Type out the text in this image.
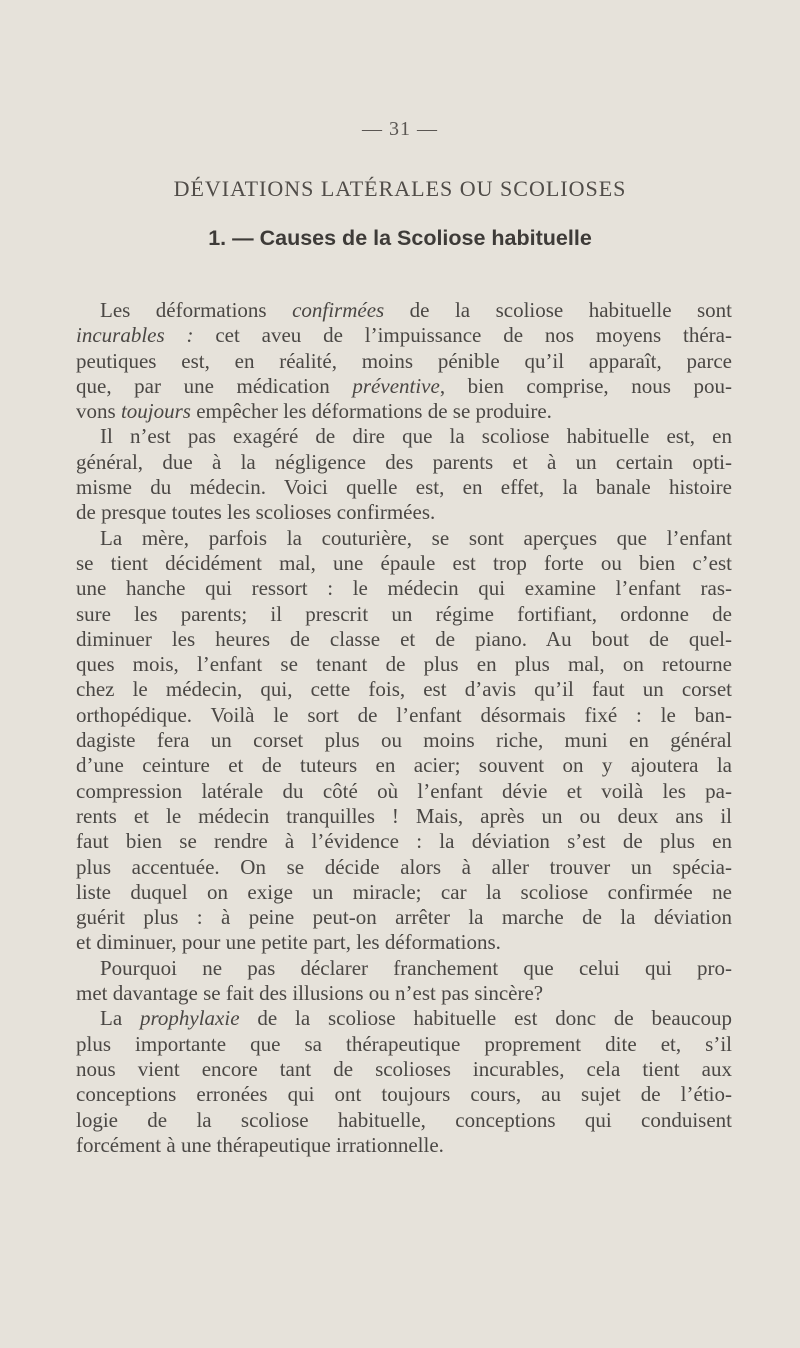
— 31 —
DÉVIATIONS LATÉRALES OU SCOLIOSES
1. — Causes de la Scoliose habituelle
Les déformations confirmées de la scoliose habituelle sont
incurables : cet aveu de l’impuissance de nos moyens théra-
peutiques est, en réalité, moins pénible qu’il apparaît, parce
que, par une médication préventive, bien comprise, nous pou-
vons toujours empêcher les déformations de se produire.
Il n’est pas exagéré de dire que la scoliose habituelle est, en
général, due à la négligence des parents et à un certain opti-
misme du médecin. Voici quelle est, en effet, la banale histoire
de presque toutes les scolioses confirmées.
La mère, parfois la couturière, se sont aperçues que l’enfant
se tient décidément mal, une épaule est trop forte ou bien c’est
une hanche qui ressort : le médecin qui examine l’enfant ras-
sure les parents; il prescrit un régime fortifiant, ordonne de
diminuer les heures de classe et de piano. Au bout de quel-
ques mois, l’enfant se tenant de plus en plus mal, on retourne
chez le médecin, qui, cette fois, est d’avis qu’il faut un corset
orthopédique. Voilà le sort de l’enfant désormais fixé : le ban-
dagiste fera un corset plus ou moins riche, muni en général
d’une ceinture et de tuteurs en acier; souvent on y ajoutera la
compression latérale du côté où l’enfant dévie et voilà les pa-
rents et le médecin tranquilles ! Mais, après un ou deux ans il
faut bien se rendre à l’évidence : la déviation s’est de plus en
plus accentuée. On se décide alors à aller trouver un spécia-
liste duquel on exige un miracle; car la scoliose confirmée ne
guérit plus : à peine peut-on arrêter la marche de la déviation
et diminuer, pour une petite part, les déformations.
Pourquoi ne pas déclarer franchement que celui qui pro-
met davantage se fait des illusions ou n’est pas sincère?
La prophylaxie de la scoliose habituelle est donc de beaucoup
plus importante que sa thérapeutique proprement dite et, s’il
nous vient encore tant de scolioses incurables, cela tient aux
conceptions erronées qui ont toujours cours, au sujet de l’étio-
logie de la scoliose habituelle, conceptions qui conduisent
forcément à une thérapeutique irrationnelle.
